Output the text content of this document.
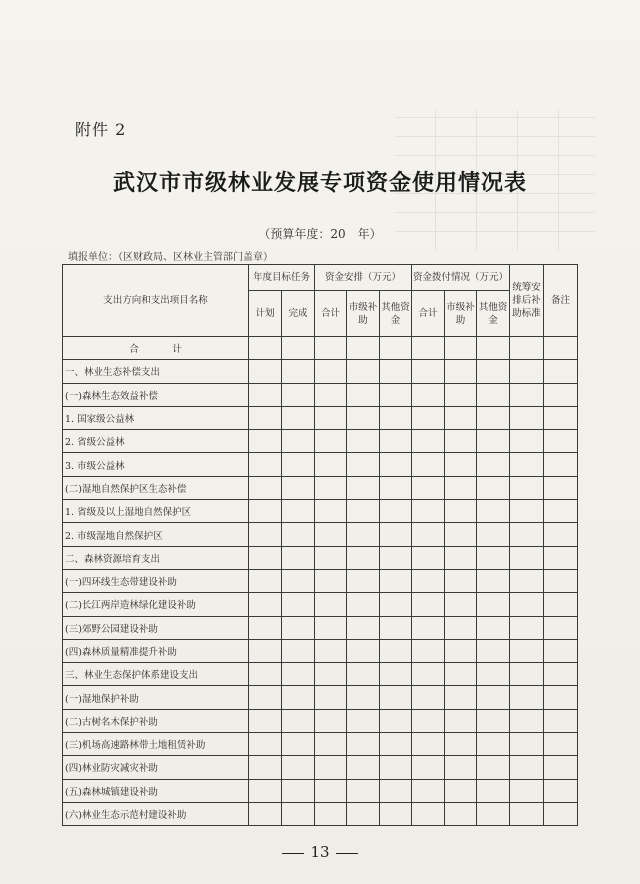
附件 2
武汉市市级林业发展专项资金使用情况表
（预算年度：20　年）
填报单位：（区财政局、区林业主管部门盖章）
支出方向和支出项目名称	年度目标任务		资金安排（万元）			资金拨付情况（万元）			统筹安排后补助标准	备注
	计划	完成	合计	市级补助	其他资金	合计	市级补助	其他资金		
合　计										
一、林业生态补偿支出										
(一)森林生态效益补偿										
1. 国家级公益林										
2. 省级公益林										
3. 市级公益林										
(二)湿地自然保护区生态补偿										
1. 省级及以上湿地自然保护区										
2. 市级湿地自然保护区										
二、森林资源培育支出										
(一)四环线生态带建设补助										
(二)长江两岸造林绿化建设补助										
(三)郊野公园建设补助										
(四)森林质量精准提升补助										
三、林业生态保护体系建设支出										
(一)湿地保护补助										
(二)古树名木保护补助										
(三)机场高速路林带土地租赁补助										
(四)林业防灾减灾补助										
(五)森林城镇建设补助										
(六)林业生态示范村建设补助										
13
